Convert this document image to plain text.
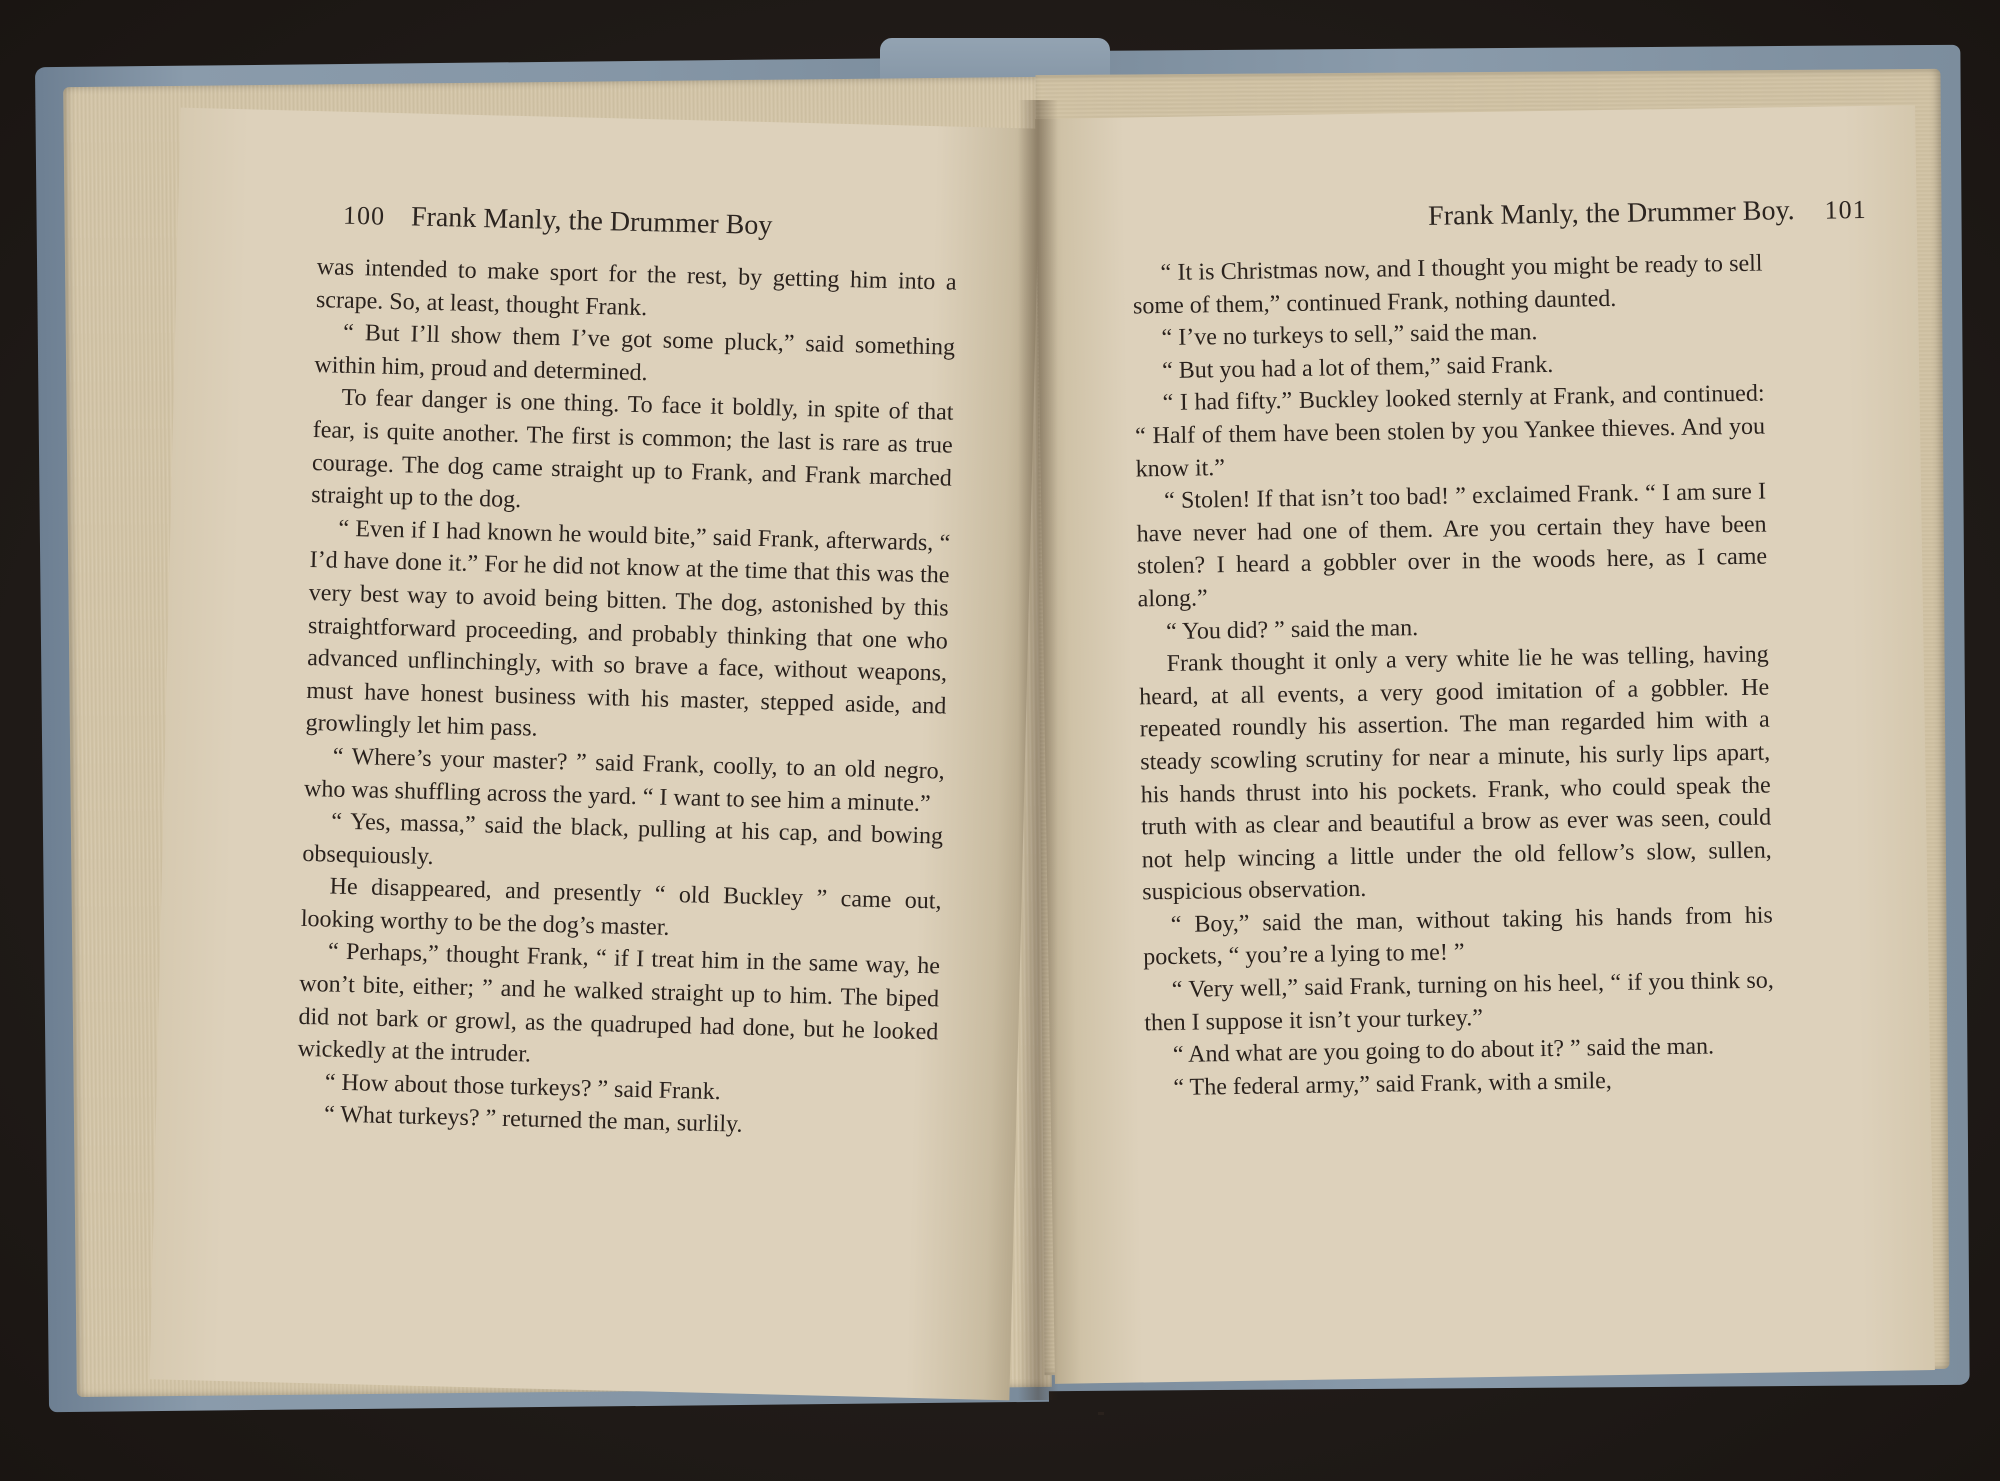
100 Frank Manly, the Drummer Boy

was intended to make sport for the rest, by getting him into a scrape. So, at least, thought Frank.

“ But I’ll show them I’ve got some pluck,” said something within him, proud and determined.

To fear danger is one thing. To face it boldly, in spite of that fear, is quite another. The first is common; the last is rare as true courage. The dog came straight up to Frank, and Frank marched straight up to the dog.

“ Even if I had known he would bite,” said Frank, afterwards, “ I’d have done it.” For he did not know at the time that this was the very best way to avoid being bitten. The dog, astonished by this straightforward proceeding, and probably thinking that one who advanced unflinchingly, with so brave a face, without weapons, must have honest business with his master, stepped aside, and growlingly let him pass.

“ Where’s your master? ” said Frank, coolly, to an old negro, who was shuffling across the yard. “ I want to see him a minute.”

“ Yes, massa,” said the black, pulling at his cap, and bowing obsequiously.

He disappeared, and presently “ old Buckley ” came out, looking worthy to be the dog’s master.

“ Perhaps,” thought Frank, “ if I treat him in the same way, he won’t bite, either; ” and he walked straight up to him. The biped did not bark or growl, as the quadruped had done, but he looked wickedly at the intruder.

“ How about those turkeys? ” said Frank.

“ What turkeys? ” returned the man, surlily.

Frank Manly, the Drummer Boy. 101

“ It is Christmas now, and I thought you might be ready to sell some of them,” continued Frank, nothing daunted.

“ I’ve no turkeys to sell,” said the man.

“ But you had a lot of them,” said Frank.

“ I had fifty.” Buckley looked sternly at Frank, and continued: “ Half of them have been stolen by you Yankee thieves. And you know it.”

“ Stolen! If that isn’t too bad! ” exclaimed Frank. “ I am sure I have never had one of them. Are you certain they have been stolen? I heard a gobbler over in the woods here, as I came along.”

“ You did? ” said the man.

Frank thought it only a very white lie he was telling, having heard, at all events, a very good imitation of a gobbler. He repeated roundly his assertion. The man regarded him with a steady scowling scrutiny for near a minute, his surly lips apart, his hands thrust into his pockets. Frank, who could speak the truth with as clear and beautiful a brow as ever was seen, could not help wincing a little under the old fellow’s slow, sullen, suspicious observation.

“ Boy,” said the man, without taking his hands from his pockets, “ you’re a lying to me! ”

“ Very well,” said Frank, turning on his heel, “ if you think so, then I suppose it isn’t your turkey.”

“ And what are you going to do about it? ” said the man.

“ The federal army,” said Frank, with a smile,
